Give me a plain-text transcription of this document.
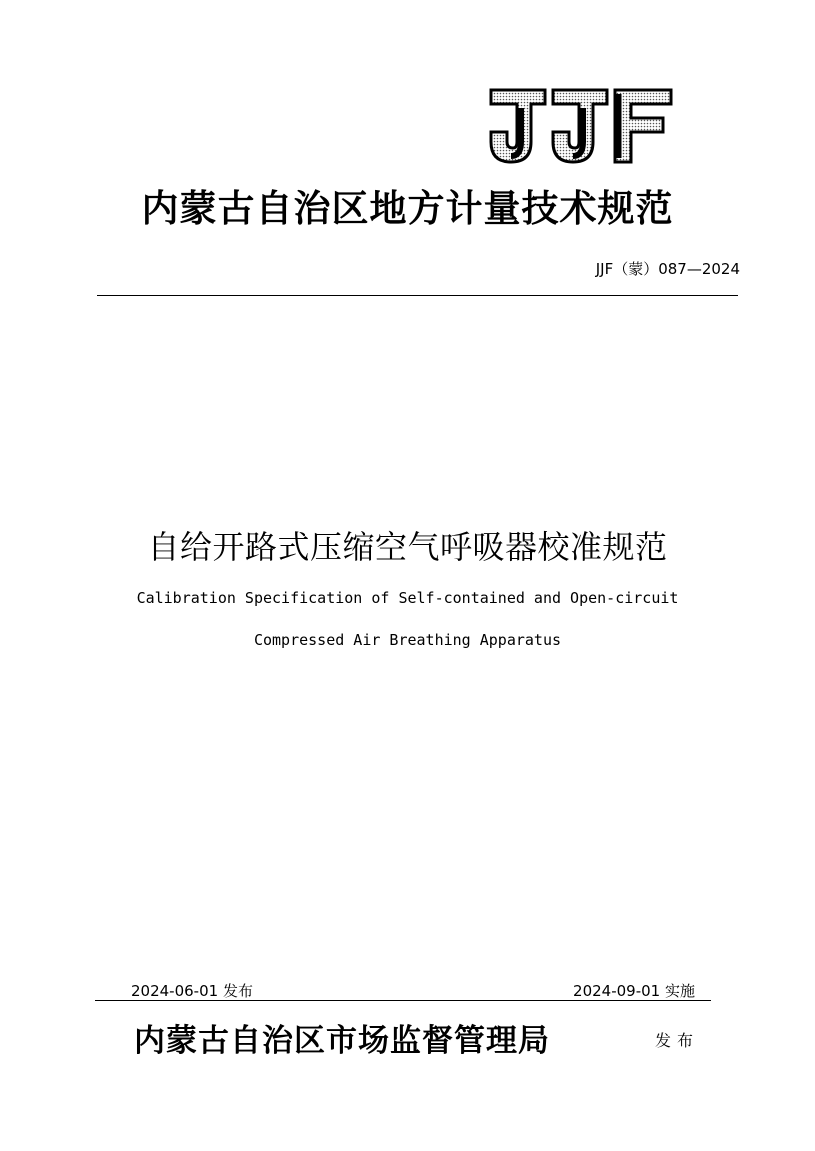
内蒙古自治区地方计量技术规范
JJF（蒙）087—2024
自给开路式压缩空气呼吸器校准规范
Calibration Specification of Self-contained and Open-circuit
Compressed Air Breathing Apparatus
2024-06-01 发布	2024-09-01 实施
内蒙古自治区市场监督管理局	发布
